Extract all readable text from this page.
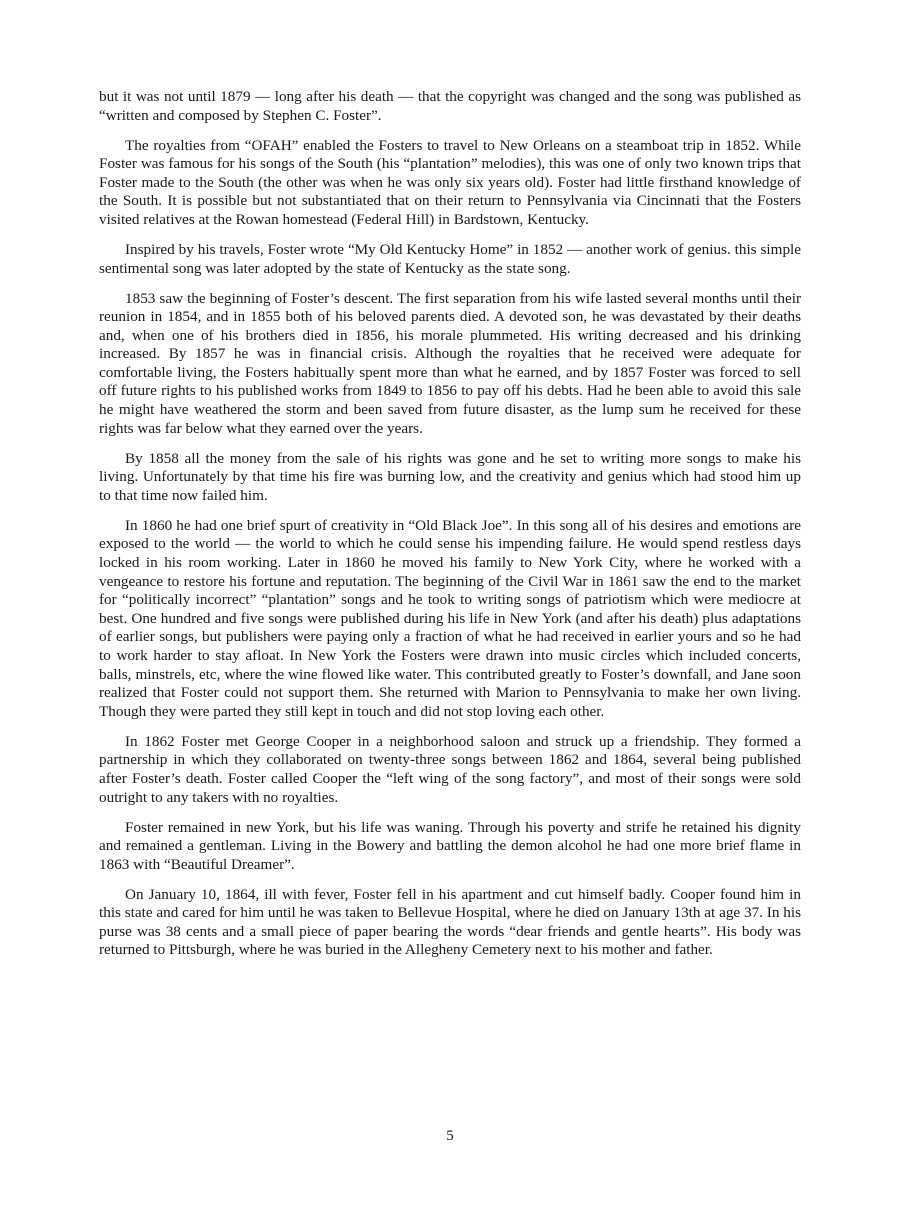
but it was not until 1879 — long after his death — that the copyright was changed and the song was published as “written and composed by Stephen C. Foster”.

The royalties from “OFAH” enabled the Fosters to travel to New Orleans on a steamboat trip in 1852. While Foster was famous for his songs of the South (his “plantation” melodies), this was one of only two known trips that Foster made to the South (the other was when he was only six years old). Foster had little firsthand knowledge of the South. It is possible but not substantiated that on their return to Pennsylvania via Cincinnati that the Fosters visited relatives at the Rowan homestead (Federal Hill) in Bardstown, Kentucky.

Inspired by his travels, Foster wrote “My Old Kentucky Home” in 1852 — another work of genius. this simple sentimental song was later adopted by the state of Kentucky as the state song.

1853 saw the beginning of Foster’s descent. The first separation from his wife lasted several months until their reunion in 1854, and in 1855 both of his beloved parents died. A devoted son, he was devastated by their deaths and, when one of his brothers died in 1856, his morale plummeted. His writing decreased and his drinking increased. By 1857 he was in financial crisis. Although the royalties that he received were adequate for comfortable living, the Fosters habitually spent more than what he earned, and by 1857 Foster was forced to sell off future rights to his published works from 1849 to 1856 to pay off his debts. Had he been able to avoid this sale he might have weathered the storm and been saved from future disaster, as the lump sum he received for these rights was far below what they earned over the years.

By 1858 all the money from the sale of his rights was gone and he set to writing more songs to make his living. Unfortunately by that time his fire was burning low, and the creativity and genius which had stood him up to that time now failed him.

In 1860 he had one brief spurt of creativity in “Old Black Joe”. In this song all of his desires and emotions are exposed to the world — the world to which he could sense his impending failure. He would spend restless days locked in his room working. Later in 1860 he moved his family to New York City, where he worked with a vengeance to restore his fortune and reputation. The beginning of the Civil War in 1861 saw the end to the market for “politically incorrect” “plantation” songs and he took to writing songs of patriotism which were mediocre at best. One hundred and five songs were published during his life in New York (and after his death) plus adaptations of earlier songs, but publishers were paying only a fraction of what he had received in earlier yours and so he had to work harder to stay afloat. In New York the Fosters were drawn into music circles which included concerts, balls, minstrels, etc, where the wine flowed like water. This contributed greatly to Foster’s downfall, and Jane soon realized that Foster could not support them. She returned with Marion to Pennsylvania to make her own living. Though they were parted they still kept in touch and did not stop loving each other.

In 1862 Foster met George Cooper in a neighborhood saloon and struck up a friendship. They formed a partnership in which they collaborated on twenty-three songs between 1862 and 1864, several being published after Foster’s death. Foster called Cooper the “left wing of the song factory”, and most of their songs were sold outright to any takers with no royalties.

Foster remained in new York, but his life was waning. Through his poverty and strife he retained his dignity and remained a gentleman. Living in the Bowery and battling the demon alcohol he had one more brief flame in 1863 with “Beautiful Dreamer”.

On January 10, 1864, ill with fever, Foster fell in his apartment and cut himself badly. Cooper found him in this state and cared for him until he was taken to Bellevue Hospital, where he died on January 13th at age 37. In his purse was 38 cents and a small piece of paper bearing the words “dear friends and gentle hearts”. His body was returned to Pittsburgh, where he was buried in the Allegheny Cemetery next to his mother and father.

5
